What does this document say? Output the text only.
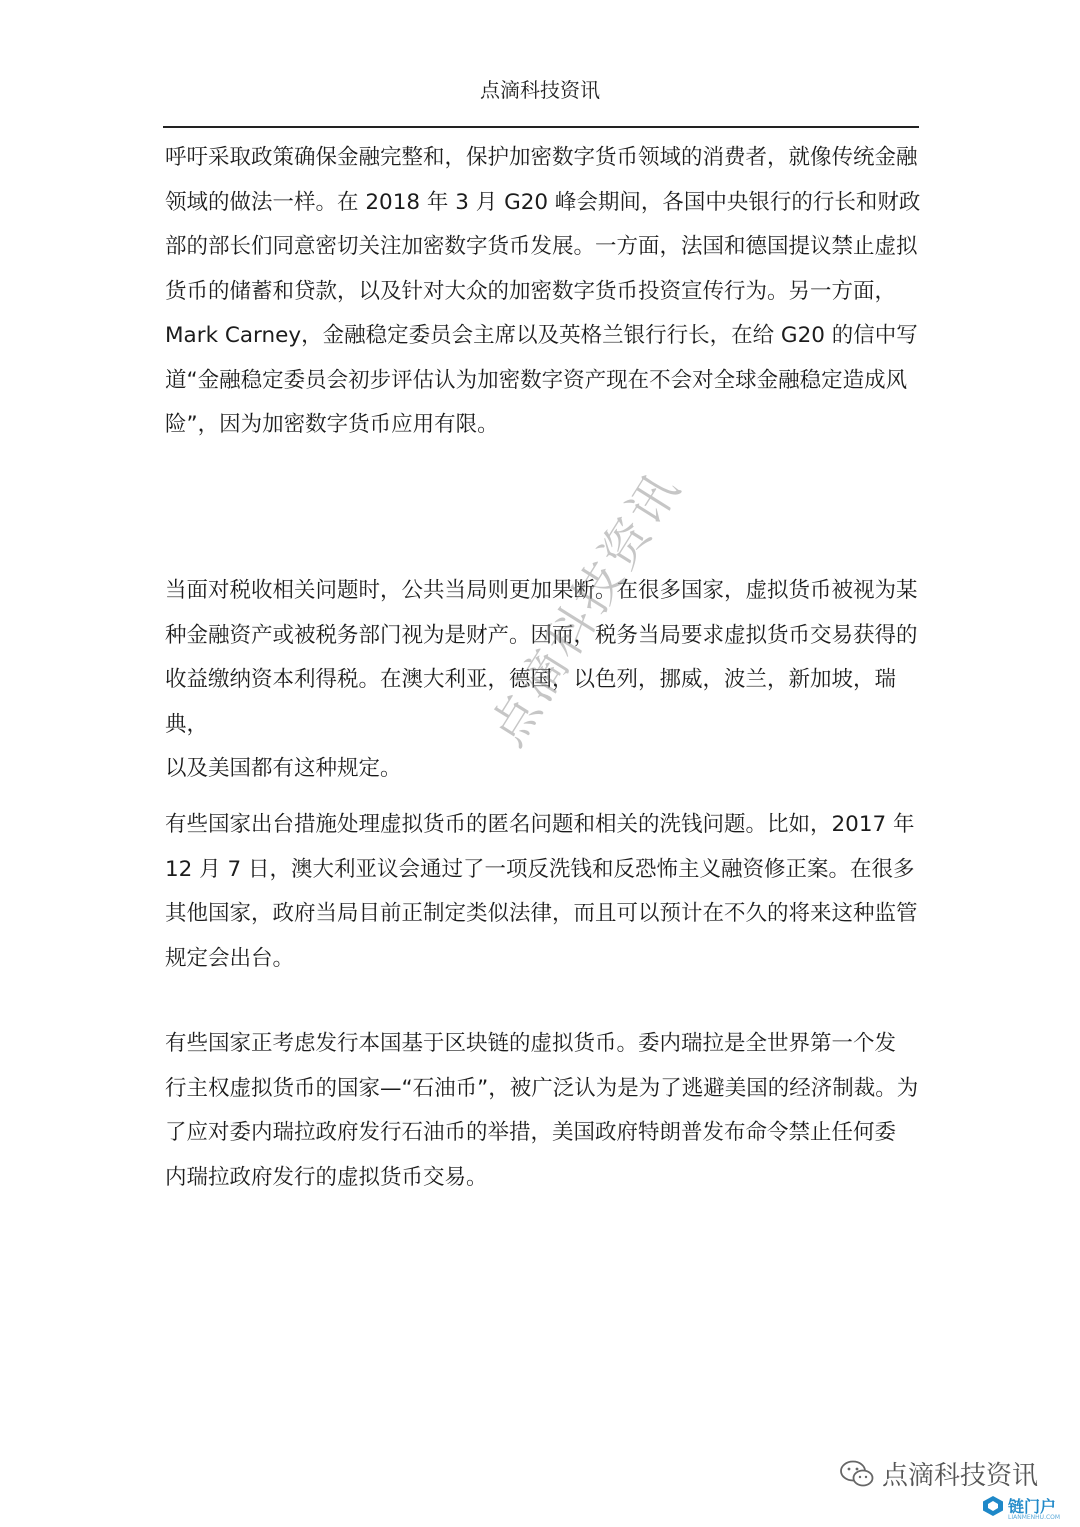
点滴科技资讯

呼吁采取政策确保金融完整和，保护加密数字货币领域的消费者，就像传统金融
领域的做法一样。在 2018 年 3 月 G20 峰会期间，各国中央银行的行长和财政
部的部长们同意密切关注加密数字货币发展。一方面，法国和德国提议禁止虚拟
货币的储蓄和贷款，以及针对大众的加密数字货币投资宣传行为。另一方面，
Mark Carney，金融稳定委员会主席以及英格兰银行行长，在给 G20 的信中写
道“金融稳定委员会初步评估认为加密数字资产现在不会对全球金融稳定造成风
险”，因为加密数字货币应用有限。

当面对税收相关问题时，公共当局则更加果断。在很多国家，虚拟货币被视为某
种金融资产或被税务部门视为是财产。因而，税务当局要求虚拟货币交易获得的
收益缴纳资本利得税。在澳大利亚，德国，以色列，挪威，波兰，新加坡，瑞典，
以及美国都有这种规定。

有些国家出台措施处理虚拟货币的匿名问题和相关的洗钱问题。比如，2017 年
12 月 7 日，澳大利亚议会通过了一项反洗钱和反恐怖主义融资修正案。在很多
其他国家，政府当局目前正制定类似法律，而且可以预计在不久的将来这种监管
规定会出台。

有些国家正考虑发行本国基于区块链的虚拟货币。委内瑞拉是全世界第一个发
行主权虚拟货币的国家—“石油币”，被广泛认为是为了逃避美国的经济制裁。为
了应对委内瑞拉政府发行石油币的举措，美国政府特朗普发布命令禁止任何委
内瑞拉政府发行的虚拟货币交易。

点滴科技资讯
点滴科技资讯
链门户
LIANMENHU.COM
